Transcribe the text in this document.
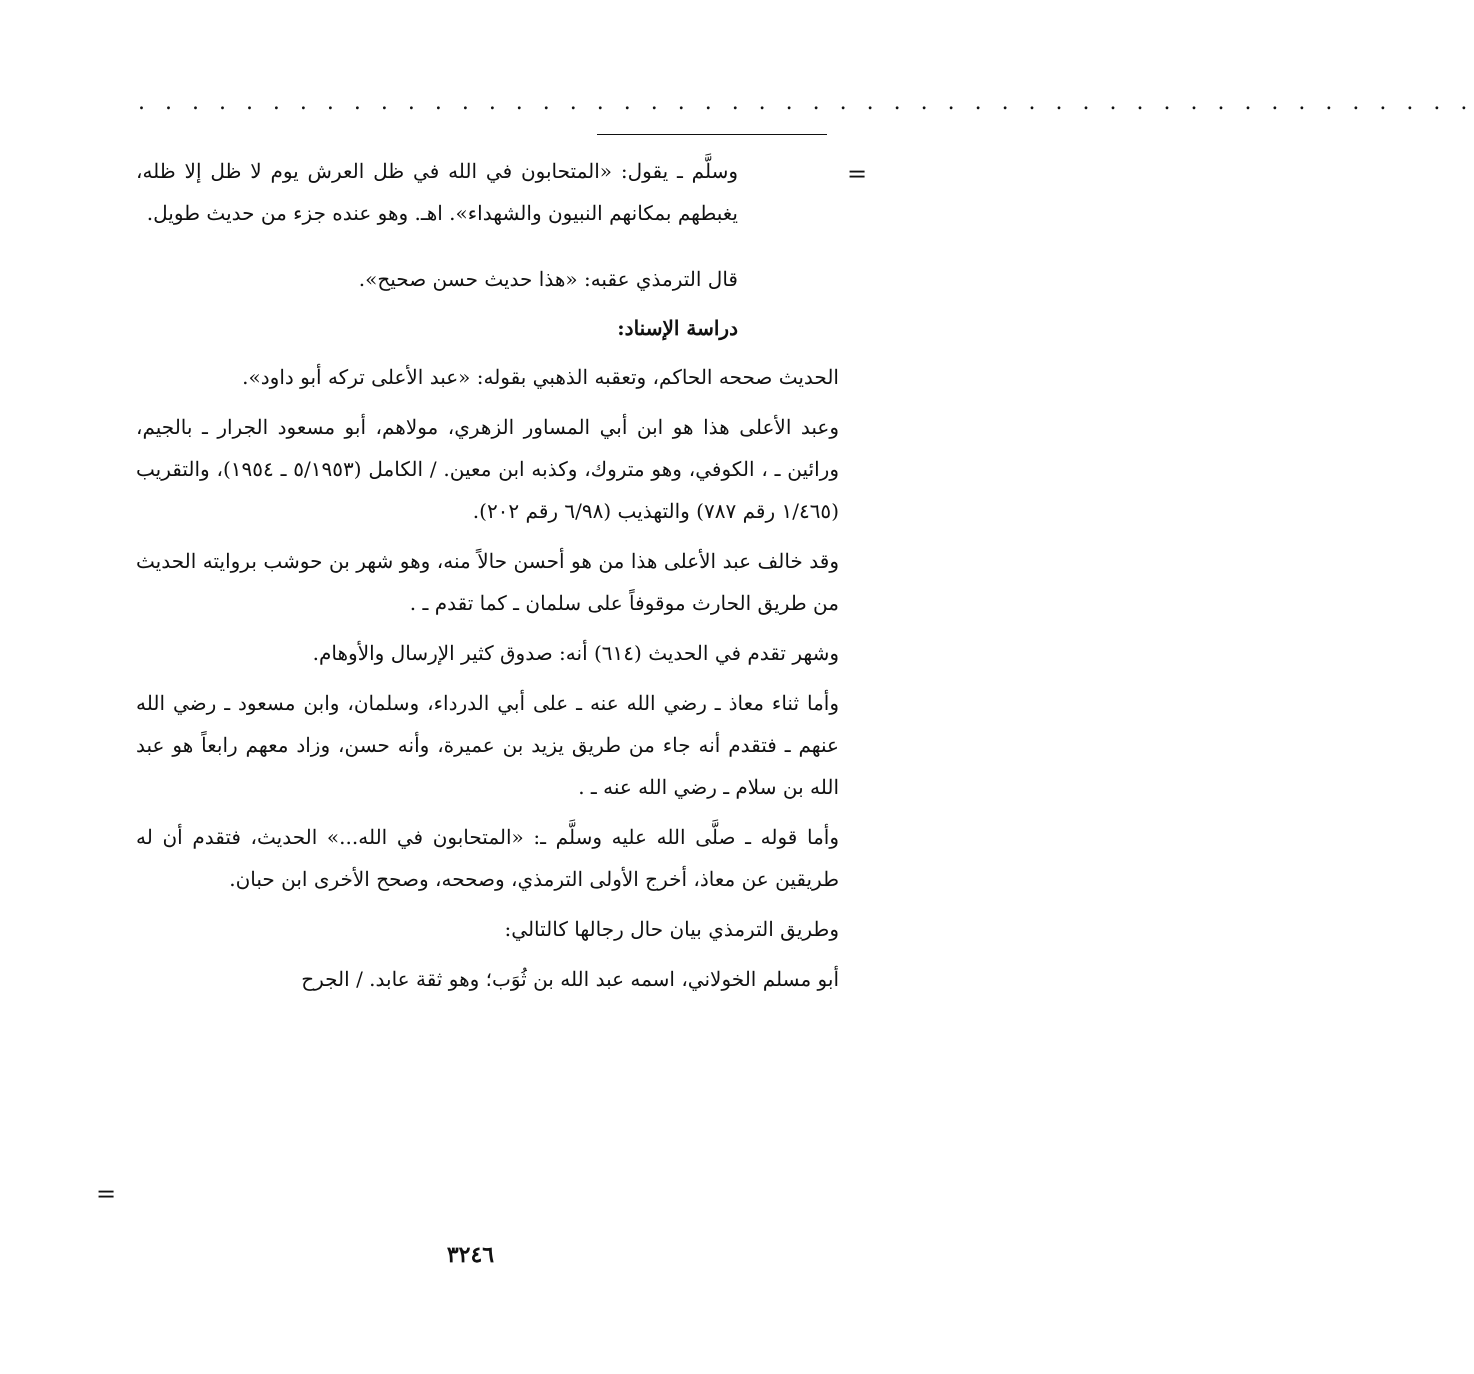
. . . . . . . . . . . . . . . . . . . . . . . . . . . . . . . . . . . . . . . . . . . . . . . . . .
=
=

وسلَّم ـ يقول: «المتحابون في الله في ظل العرش يوم لا ظل إلا ظله، يغبطهم بمكانهم النبيون والشهداء». اهـ. وهو عنده جزء من حديث طويل.

قال الترمذي عقبه: «هذا حديث حسن صحيح».

دراسة الإسناد:

الحديث صححه الحاكم، وتعقبه الذهبي بقوله: «عبد الأعلى تركه أبو داود».

وعبد الأعلى هذا هو ابن أبي المساور الزهري، مولاهم، أبو مسعود الجرار ـ بالجيم، ورائين ـ ، الكوفي، وهو متروك، وكذبه ابن معين. / الكامل (٥/١٩٥٣ ـ ١٩٥٤)، والتقريب (١/٤٦٥ رقم ٧٨٧) والتهذيب (٦/٩٨ رقم ٢٠٢).

وقد خالف عبد الأعلى هذا من هو أحسن حالاً منه، وهو شهر بن حوشب بروايته الحديث من طريق الحارث موقوفاً على سلمان ـ كما تقدم ـ .

وشهر تقدم في الحديث (٦١٤) أنه: صدوق كثير الإرسال والأوهام.

وأما ثناء معاذ ـ رضي الله عنه ـ على أبي الدرداء، وسلمان، وابن مسعود ـ رضي الله عنهم ـ فتقدم أنه جاء من طريق يزيد بن عميرة، وأنه حسن، وزاد معهم رابعاً هو عبد الله بن سلام ـ رضي الله عنه ـ .

وأما قوله ـ صلَّى الله عليه وسلَّم ـ: «المتحابون في الله...» الحديث، فتقدم أن له طريقين عن معاذ، أخرج الأولى الترمذي، وصححه، وصحح الأخرى ابن حبان.

وطريق الترمذي بيان حال رجالها كالتالي:

أبو مسلم الخولاني، اسمه عبد الله بن ثُوَب؛ وهو ثقة عابد. / الجرح

٣٢٤٦
